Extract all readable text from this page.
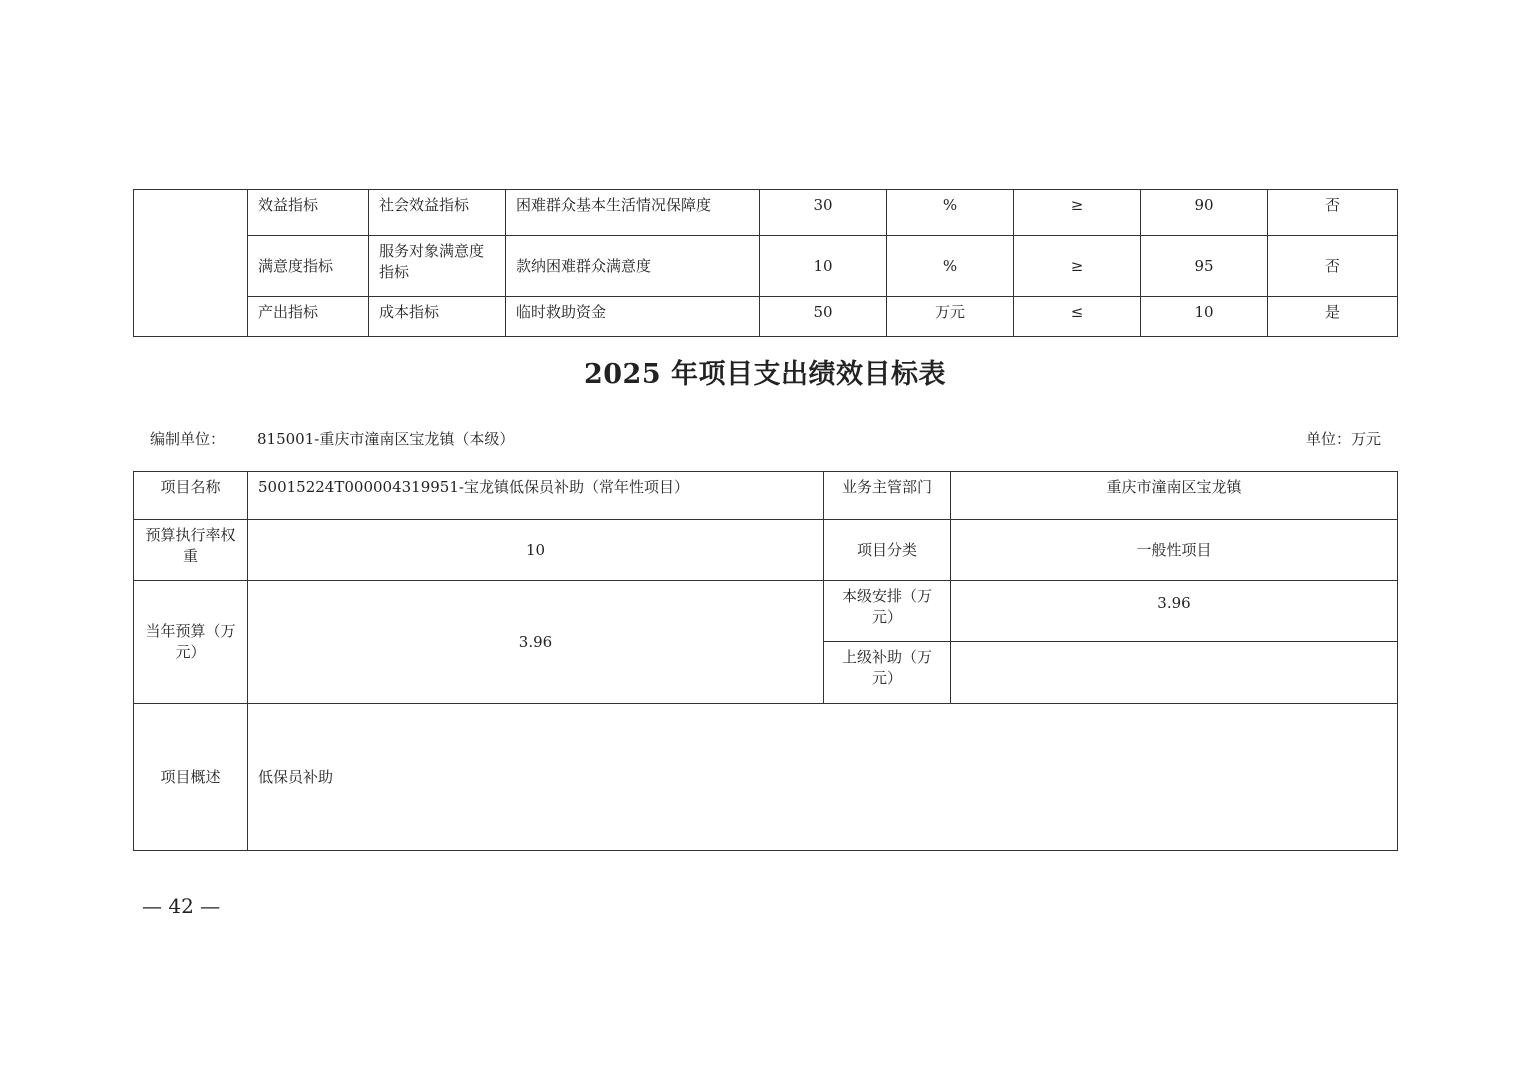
	效益指标	社会效益指标	困难群众基本生活情况保障度	30	%	≥	90	否
	满意度指标	服务对象满意度指标	款纳困难群众满意度	10	%	≥	95	否
	产出指标	成本指标	临时救助资金	50	万元	≤	10	是
2025 年项目支出绩效目标表
编制单位： 815001-重庆市潼南区宝龙镇（本级）	单位：万元
项目名称	50015224T000004319951-宝龙镇低保员补助（常年性项目）	业务主管部门	重庆市潼南区宝龙镇
预算执行率权重	10	项目分类	一般性项目
当年预算（万元）	3.96	本级安排（万元）	3.96
		上级补助（万元）	
项目概述	低保员补助		
— 42 —
